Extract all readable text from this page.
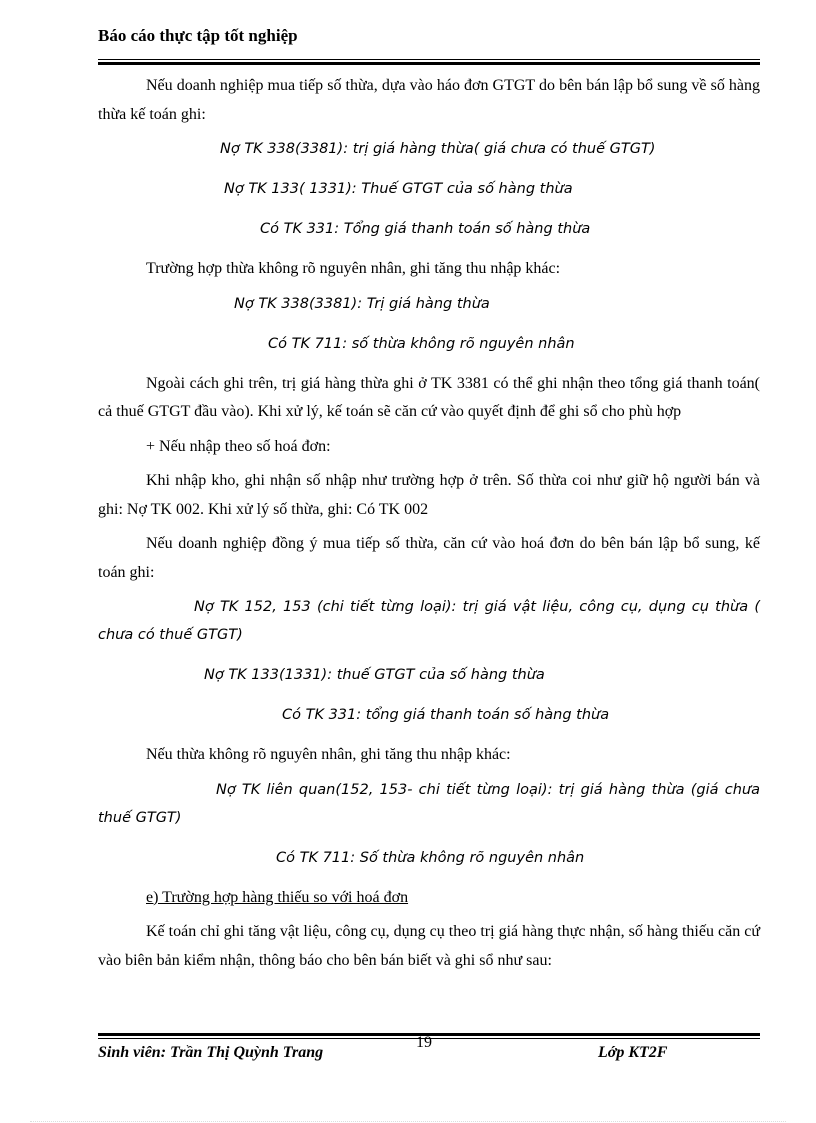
Báo cáo thực tập tốt nghiệp

Nếu doanh nghiệp mua tiếp số thừa, dựa vào háo đơn GTGT do bên bán lập bổ sung về số hàng thừa kế toán ghi:

Nợ TK 338(3381): trị giá hàng thừa( giá chưa có thuế GTGT)

Nợ TK 133( 1331): Thuế GTGT của số hàng thừa

Có TK 331: Tổng giá thanh toán số hàng thừa

Trường hợp thừa không rõ nguyên nhân, ghi tăng thu nhập khác:

Nợ TK 338(3381): Trị giá hàng thừa

Có TK 711: số thừa không rõ nguyên nhân

Ngoài cách ghi trên, trị giá hàng thừa ghi ở TK 3381 có thể ghi nhận theo tổng giá thanh toán( cả thuế GTGT đầu vào). Khi xử lý, kế toán sẽ căn cứ vào quyết định để ghi sổ cho phù hợp

+ Nếu nhập theo số hoá đơn:

Khi nhập kho, ghi nhận số nhập như trường hợp ở trên. Số thừa coi như giữ hộ người bán và ghi: Nợ TK 002. Khi xử lý số thừa, ghi: Có TK 002

Nếu doanh nghiệp đồng ý mua tiếp số thừa, căn cứ vào hoá đơn do bên bán lập bổ sung, kế toán ghi:

Nợ TK 152, 153 (chi tiết từng loại): trị giá vật liệu, công cụ, dụng cụ thừa ( chưa có thuế GTGT)

Nợ TK 133(1331): thuế GTGT của số hàng thừa

Có TK 331: tổng giá thanh toán số hàng thừa

Nếu thừa không rõ nguyên nhân, ghi tăng thu nhập khác:

Nợ TK liên quan(152, 153- chi tiết từng loại): trị giá hàng thừa (giá chưa thuế GTGT)

Có TK 711: Số thừa không rõ nguyên nhân

e) Trường hợp hàng thiếu so với hoá đơn

Kế toán chỉ ghi tăng vật liệu, công cụ, dụng cụ theo trị giá hàng thực nhận, số hàng thiếu căn cứ vào biên bản kiểm nhận, thông báo cho bên bán biết và ghi sổ như sau:

Sinh viên: Trần Thị Quỳnh Trang
19
Lớp KT2F
